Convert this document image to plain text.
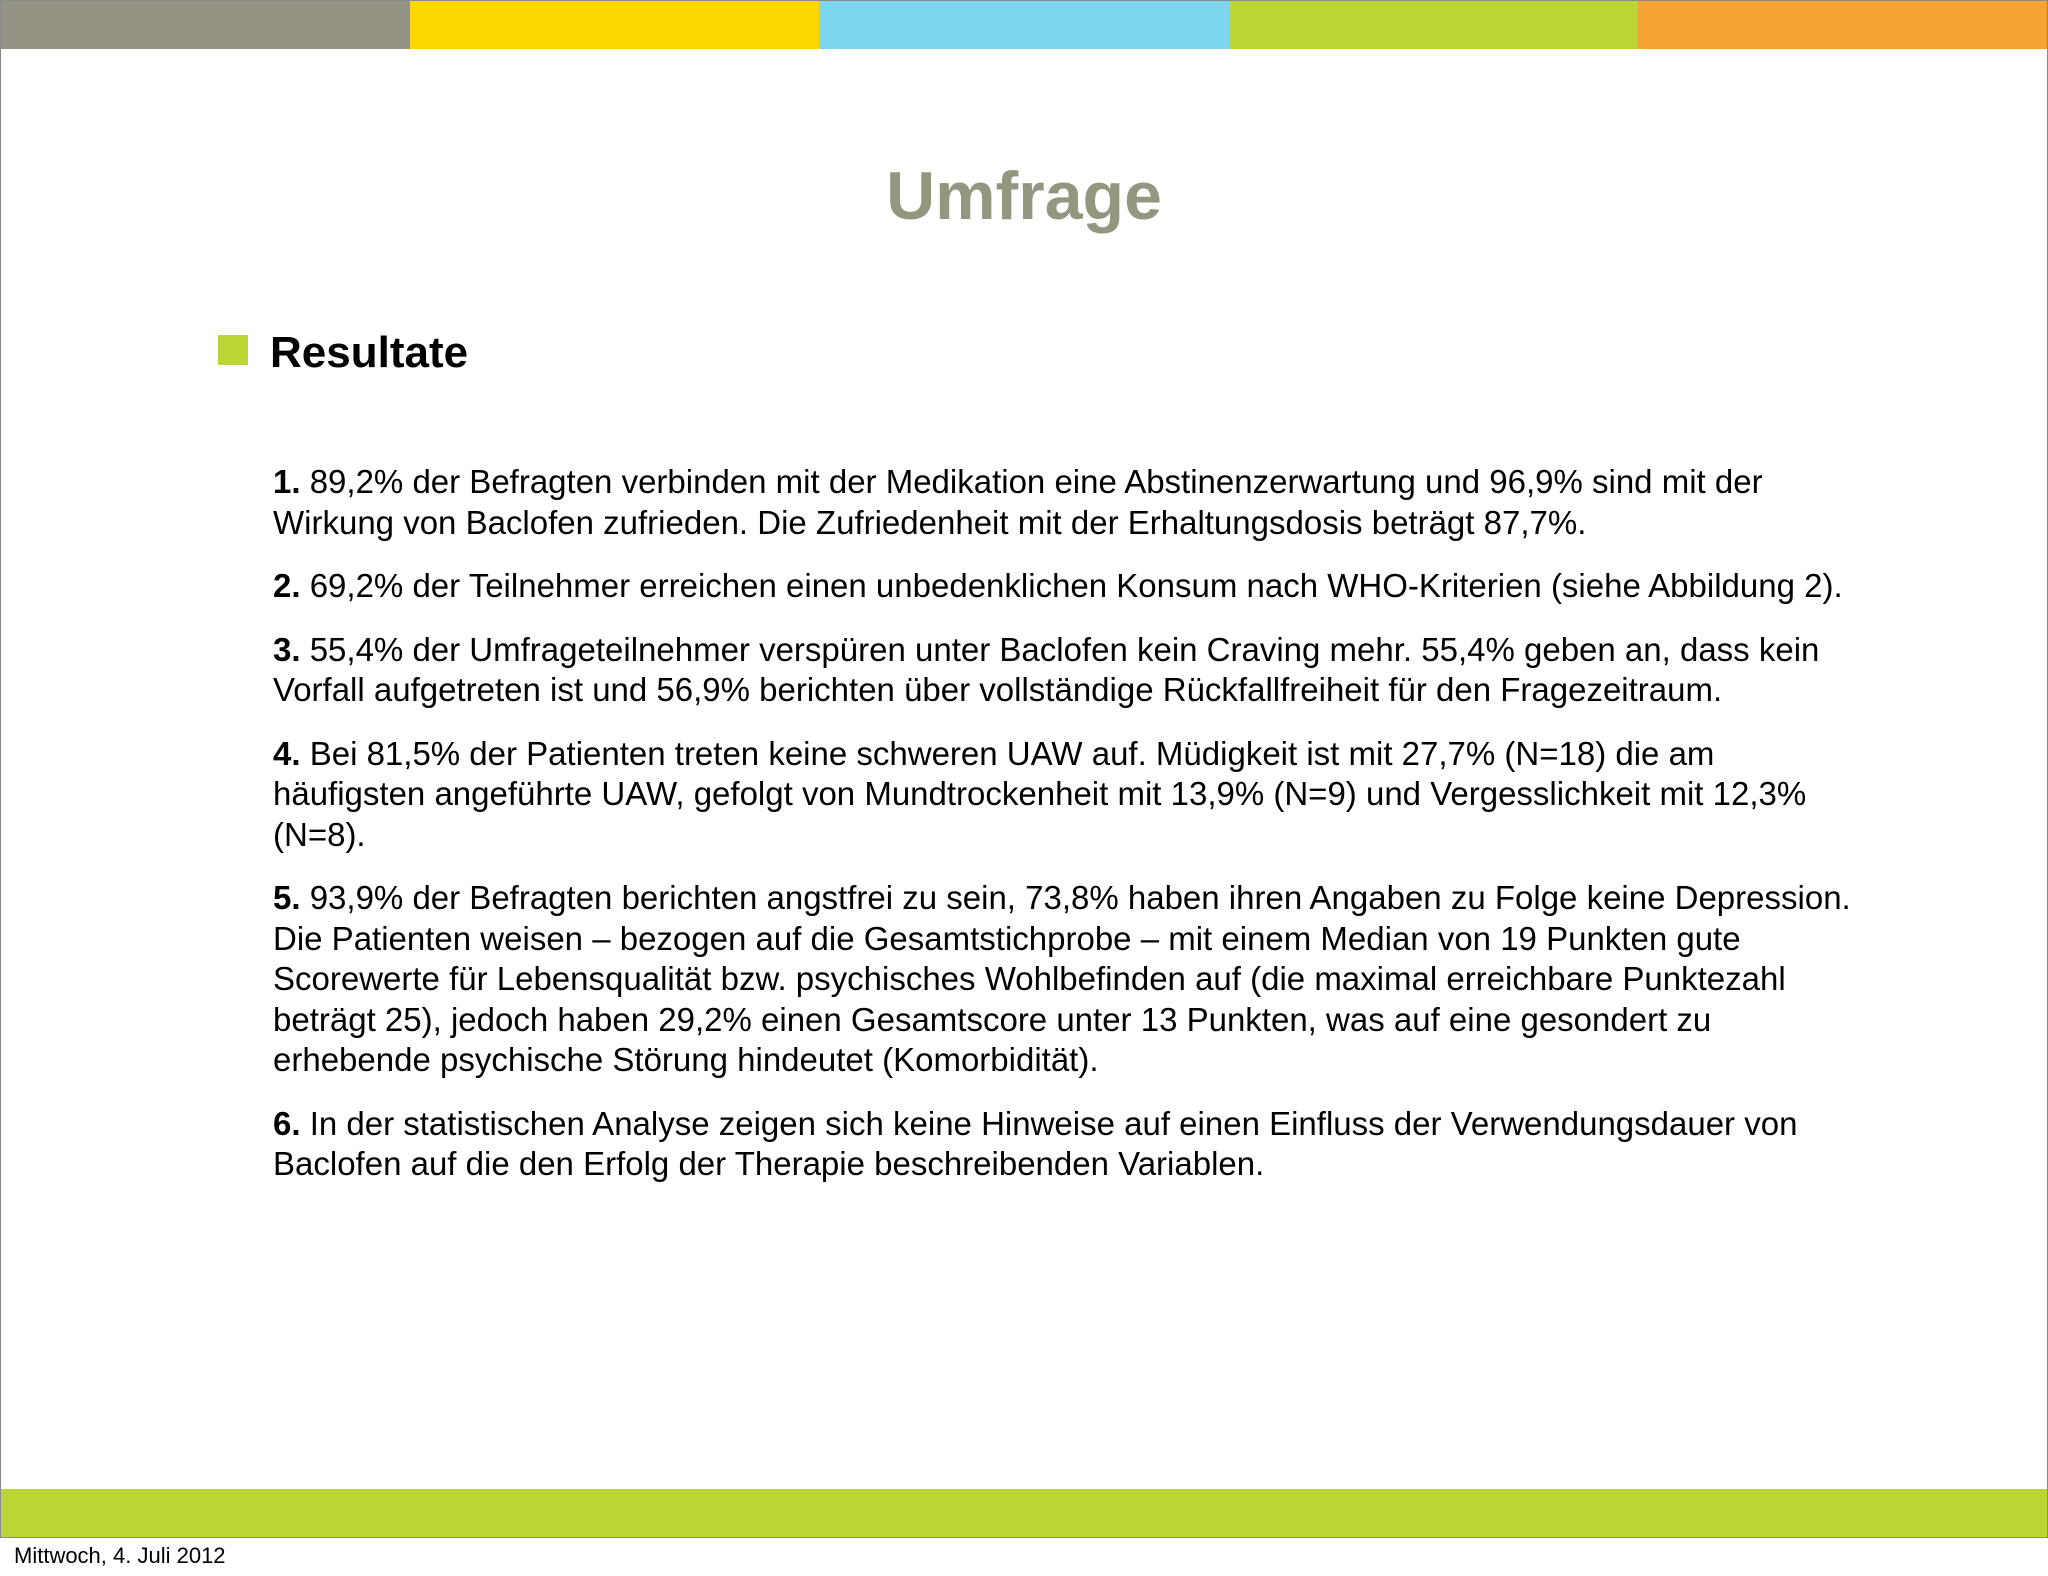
Umfrage
Resultate

1. 89,2% der Befragten verbinden mit der Medikation eine Abstinenzerwartung und 96,9% sind mit der Wirkung von Baclofen zufrieden. Die Zufriedenheit mit der Erhaltungsdosis beträgt 87,7%.

2. 69,2% der Teilnehmer erreichen einen unbedenklichen Konsum nach WHO-Kriterien (siehe Abbildung 2).

3. 55,4% der Umfrageteilnehmer verspüren unter Baclofen kein Craving mehr. 55,4% geben an, dass kein Vorfall aufgetreten ist und 56,9% berichten über vollständige Rückfallfreiheit für den Fragezeitraum.

4. Bei 81,5% der Patienten treten keine schweren UAW auf. Müdigkeit ist mit 27,7% (N=18) die am häufigsten angeführte UAW, gefolgt von Mundtrockenheit mit 13,9% (N=9) und Vergesslichkeit mit 12,3% (N=8).

5. 93,9% der Befragten berichten angstfrei zu sein, 73,8% haben ihren Angaben zu Folge keine Depression. Die Patienten weisen – bezogen auf die Gesamtstichprobe – mit einem Median von 19 Punkten gute Scorewerte für Lebensqualität bzw. psychisches Wohlbefinden auf (die maximal erreichbare Punktezahl beträgt 25), jedoch haben 29,2% einen Gesamtscore unter 13 Punkten, was auf eine gesondert zu erhebende psychische Störung hindeutet (Komorbidität).

6. In der statistischen Analyse zeigen sich keine Hinweise auf einen Einfluss der Verwendungsdauer von Baclofen auf die den Erfolg der Therapie beschreibenden Variablen.

Mittwoch, 4. Juli 2012
